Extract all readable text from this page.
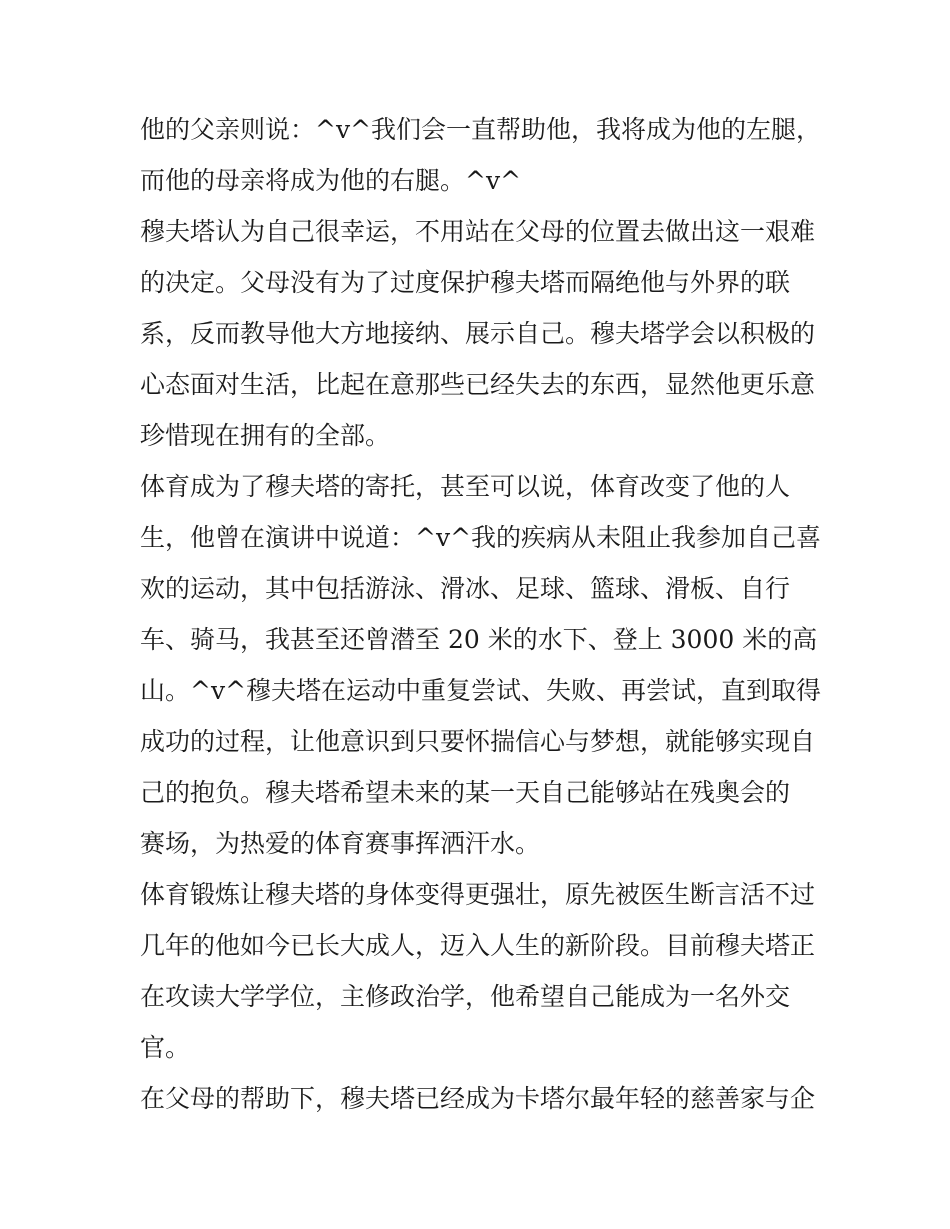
他的父亲则说：^v^我们会一直帮助他，我将成为他的左腿，
而他的母亲将成为他的右腿。^v^
穆夫塔认为自己很幸运，不用站在父母的位置去做出这一艰难
的决定。父母没有为了过度保护穆夫塔而隔绝他与外界的联
系，反而教导他大方地接纳、展示自己。穆夫塔学会以积极的
心态面对生活，比起在意那些已经失去的东西，显然他更乐意
珍惜现在拥有的全部。
体育成为了穆夫塔的寄托，甚至可以说，体育改变了他的人
生，他曾在演讲中说道：^v^我的疾病从未阻止我参加自己喜
欢的运动，其中包括游泳、滑冰、足球、篮球、滑板、自行
车、骑马，我甚至还曾潜至 20 米的水下、登上 3000 米的高
山。^v^穆夫塔在运动中重复尝试、失败、再尝试，直到取得
成功的过程，让他意识到只要怀揣信心与梦想，就能够实现自
己的抱负。穆夫塔希望未来的某一天自己能够站在残奥会的
赛场，为热爱的体育赛事挥洒汗水。
体育锻炼让穆夫塔的身体变得更强壮，原先被医生断言活不过
几年的他如今已长大成人，迈入人生的新阶段。目前穆夫塔正
在攻读大学学位，主修政治学，他希望自己能成为一名外交
官。
在父母的帮助下，穆夫塔已经成为卡塔尔最年轻的慈善家与企
